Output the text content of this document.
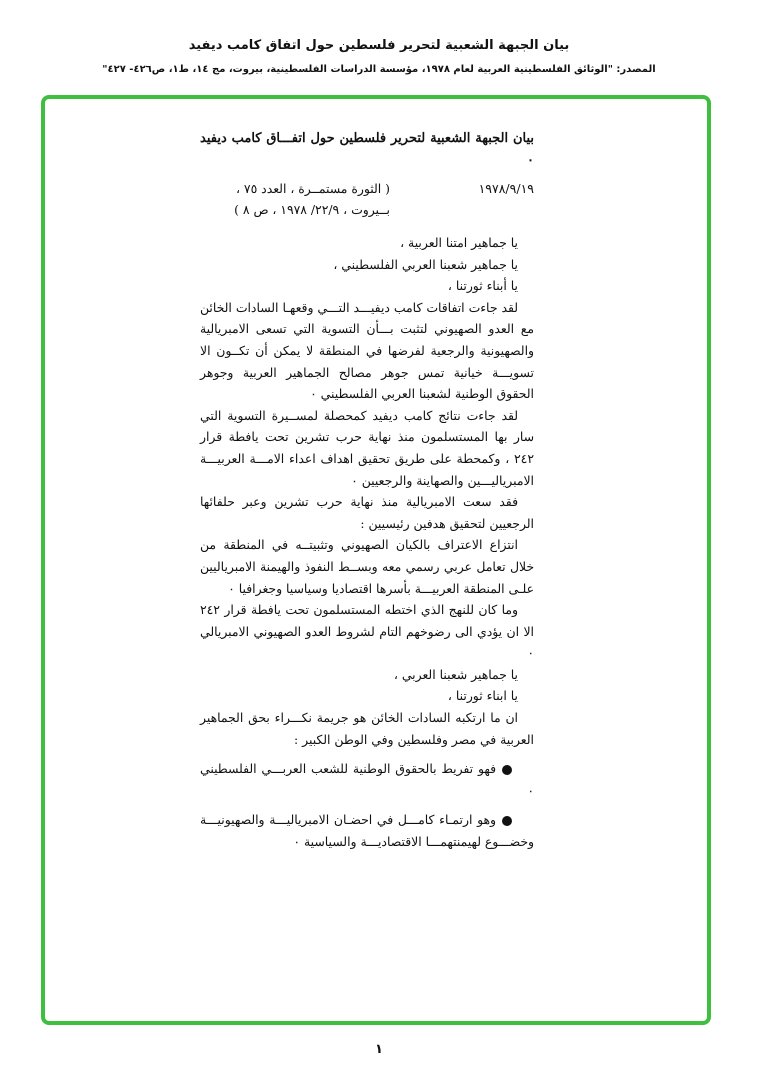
بيان الجبهة الشعبية لتحرير فلسطين حول اتفاق كامب ديفيد
المصدر: "الوثائق الفلسطينية العربية لعام ١٩٧٨، مؤسسة الدراسات الفلسطينية، بيروت، مج ١٤، ط١، ص٤٢٦- ٤٢٧"
بيان الجبهة الشعبية لتحرير فلسطين حول اتفـــاق كامب ديفيد ٠
١٩٧٨/٩/١٩
( الثورة مستمــرة ، العدد ٧٥ ، بــيروت ، ٢٢/٩/ ١٩٧٨ ، ص ٨ )

يا جماهير امتنا العربية ،

يا جماهير شعبنا العربي الفلسطيني ،

يا أبناء ثورتنا ،

لقد جاءت اتفاقات كامب ديفيـــد التـــي وقعهـا السادات الخائن مع العدو الصهيوني لتثبت بـــأن التسوية التي تسعى الامبريالية والصهيونية والرجعية لفرضها في المنطقة لا يمكن أن تكــون الا تسويـــة خيانية تمس جوهر مصالح الجماهير العربية وجوهر الحقوق الوطنية لشعبنا العربي الفلسطيني ٠

لقد جاءت نتائج كامب ديفيد كمحصلة لمســيرة التسوية التي سار بها المستسلمون منذ نهاية حرب تشرين تحت يافطة قرار ٢٤٢ ، وكمحطة على طريق تحقيق اهداف اعداء الامـــة العربيـــة الامبرياليـــين والصهاينة والرجعيين ٠

فقد سعت الامبريالية منذ نهاية حرب تشرين وعبر حلفائها الرجعيين لتحقيق هدفين رئيسيين :

انتزاع الاعتراف بالكيان الصهيوني وتثبيتــه في المنطقة من خلال تعامل عربي رسمي معه وبســط النفوذ والهيمنة الامبرياليين علـى المنطقة العربيـــة بأسرها اقتصاديا وسياسيا وجغرافيا ٠

وما كان للنهج الذي اختطه المستسلمون تحت يافطة قرار ٢٤٢ الا ان يؤدي الى رضوخهم التام لشروط العدو الصهيوني الامبريالي ٠

يا جماهير شعبنا العربي ،

يا ابناء ثورتنا ،

ان ما ارتكبه السادات الخائن هو جريمة نكـــراء بحق الجماهير العربية في مصر وفلسطين وفي الوطن الكبير :

فهو تفريط بالحقوق الوطنية للشعب العربـــي الفلسطيني ٠

وهو ارتمـاء كامـــل في احضـان الامبرياليـــة والصهيونيـــة وخضـــوع لهيمنتهمـــا الاقتصاديـــة والسياسية ٠

١
